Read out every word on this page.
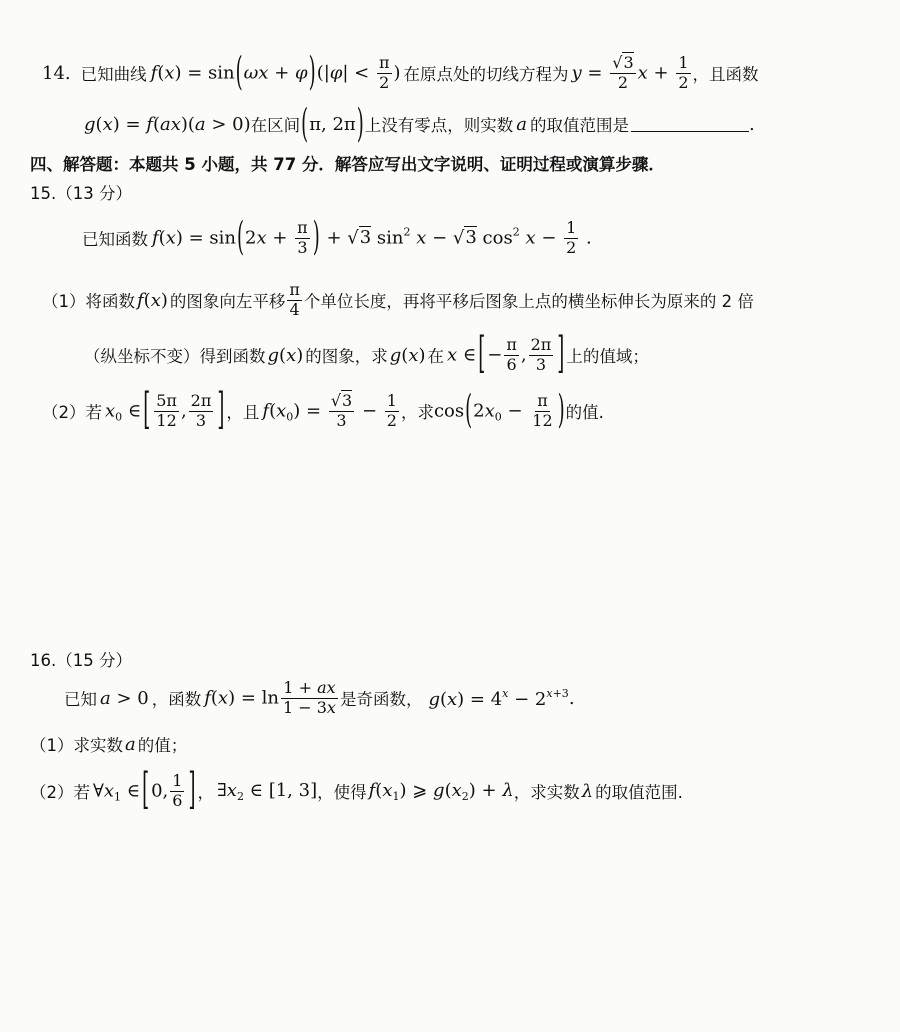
14. 已知曲线 $f(x) = \sin(\omega x + \varphi)(|\varphi| < \frac{\pi}{2}$ ) 在原点处的切线方程为 $y = \frac{√3}{2}$ $x + \frac{1}{2}$ ，且函数
g(x) = f(ax)(a > 0) 在区间 (π, 2π) 上没有零点，则实数 a 的取值范围是	.
四、解答题：本题共 5 小题，共 77 分．解答应写出文字说明、证明过程或演算步骤．
15.（13 分）
已知函数 $f(x) = \sin(2x + \frac{\pi}{3}$ ) + √3 $\sin^2 x - √3$ $\cos^2 x - \frac{1}{2}$ .
（1） 将函数 f(x) 的图象向左平移 $\frac{\pi}{4}$ 个单位长度，再将平移后图象上点的横坐标伸长为原来的 2 倍
（纵坐标不变）得到函数 g(x) 的图象，求 g(x) 在 x ∈ [ − $\frac{\pi}{6}$ , $\frac{2\pi}{3}$ ] 上的值域；
（2） 若 $x_0$ ∈ [ $\frac{5\pi}{12}$ , $\frac{2\pi}{3}$ ] ，且 $f(x_0) = \frac{√3}{3} - \frac{1}{2}$ ，求 $\cos(2x_0 - \frac{\pi}{12}$ ) 的值.
16.（15 分）
已知 a > 0 ，函数 $f(x) = \ln \frac{1 + ax}{1 - 3x}$ 是奇函数， $g(x) = 4^x - 2^{x+3}$ .
（1） 求实数 a 的值；
（2） 若 $\forall x_1$ ∈ [ 0, $\frac{1}{6}$ ] ， $\exists x_2$ ∈ [1, 3] ，使得 $f(x_1)$ ⩾ $g(x_2) + \lambda$ ，求实数 λ 的取值范围.
